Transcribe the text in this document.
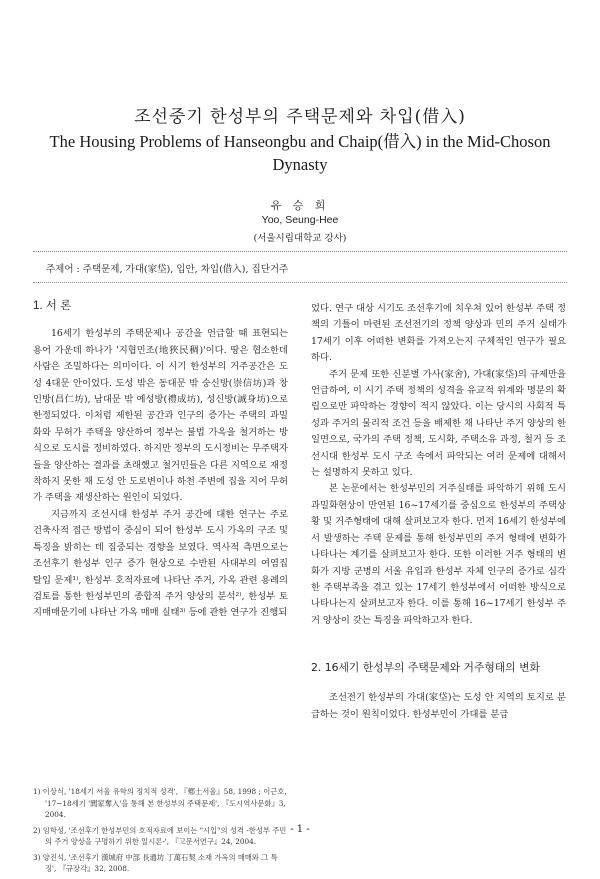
조선중기 한성부의 주택문제와 차입(借入)
The Housing Problems of Hanseongbu and Chaip(借入) in the Mid-Choson Dynasty
유 승 희
Yoo, Seung-Hee
(서울시립대학교 강사)
주제어 : 주택문제, 가대(家垈), 입안, 차입(借入), 집단거주
1. 서 론

16세기 한성부의 주택문제나 공간을 언급할 때 표현되는 용어 가운데 하나가 '지협민조(地狹民稠)'이다. 땅은 협소한데 사람은 조밀하다는 의미이다. 이 시기 한성부의 거주공간은 도성 4대문 안이었다. 도성 밖은 동대문 밖 숭신방(崇信坊)과 창인방(昌仁坊), 남대문 밖 예성방(禮成坊), 성신방(誠身坊)으로 한정되었다. 이처럼 제한된 공간과 인구의 증가는 주택의 과밀화와 무허가 주택을 양산하여 정부는 불법 가옥을 철거하는 방식으로 도시를 정비하였다. 하지만 정부의 도시정비는 무주택자들을 양산하는 결과를 초래했고 철거민들은 다른 지역으로 재정착하지 못한 채 도성 안 도로변이나 하천 주변에 집을 지어 무허가 주택을 재생산하는 원인이 되었다.

지금까지 조선시대 한성부 주거 공간에 대한 연구는 주로 건축사적 접근 방법이 중심이 되어 한성부 도시 가옥의 구조 및 특징을 밝히는 데 집중되는 경향을 보였다. 역사적 측면으로는 조선후기 한성부 인구 증가 현상으로 수반된 사대부의 여염집 탈입 문제¹⁾, 한성부 호적자료에 나타난 주거, 가옥 관련 용례의 검토를 통한 한성부민의 종합적 주거 양상의 분석²⁾, 한성부 토지매매문기에 나타난 가옥 매매 실태³⁾ 등에 관한 연구가 진행되

1) 이상식, '18세기 서울 유학의 정치적 성격', 『鄕土서울』58, 1998 ; 이근호, '17~18세기 '閭家奪入'을 통해 본 한성부의 주택문제', 『도시역사문화』3, 2004.
2) 임학성, '조선후기 한성부민의 호적자료에 보이는 "시입"의 성격 -한성부 주민의 주거 양상을 구명하기 위한 일시론-', 『고문서연구』24, 2004.
3) 양진석, '조선후기 漢城府 中部 長通坊 丁萬石契 소재 가옥의 매매와 그 특징', 『규장각』32, 2008.

었다. 연구 대상 시기도 조선후기에 치우쳐 있어 한성부 주택 정책의 기틀이 마련된 조선전기의 정책 양상과 민의 주거 실태가 17세기 이후 어떠한 변화를 가져오는지 구체적인 연구가 필요하다.

주거 문제 또한 신분별 가사(家舍), 가대(家垈)의 규제만을 언급하여, 이 시기 주택 정책의 성격을 유교적 위계와 명분의 확립으로만 파악하는 경향이 적지 않았다. 이는 당시의 사회적 특성과 주거의 물리적 조건 등을 배제한 채 나타난 주거 양상의 한 일면으로, 국가의 주택 정책, 도시화, 주택소유 과정, 철거 등 조선시대 한성부 도시 구조 속에서 파악되는 여러 문제에 대해서는 설명하지 못하고 있다.

본 논문에서는 한성부민의 거주실태를 파악하기 위해 도시 과밀화현상이 만연된 16~17세기를 중심으로 한성부의 주택상황 및 거주형태에 대해 살펴보고자 한다. 먼저 16세기 한성부에서 발생하는 주택 문제를 통해 한성부민의 주거 형태에 변화가 나타나는 계기를 살펴보고자 한다. 또한 이러한 거주 형태의 변화가 지방 군병의 서울 유입과 한성부 자체 인구의 증가로 심각한 주택부족을 겪고 있는 17세기 한성부에서 어떠한 방식으로 나타나는지 살펴보고자 한다. 이를 통해 16~17세기 한성부 주거 양상이 갖는 특징을 파악하고자 한다.

2. 16세기 한성부의 주택문제와 거주형태의 변화

조선전기 한성부의 가대(家垈)는 도성 안 지역의 토지로 분급하는 것이 원칙이었다. 한성부민이 가대를 분급

- 1 -
